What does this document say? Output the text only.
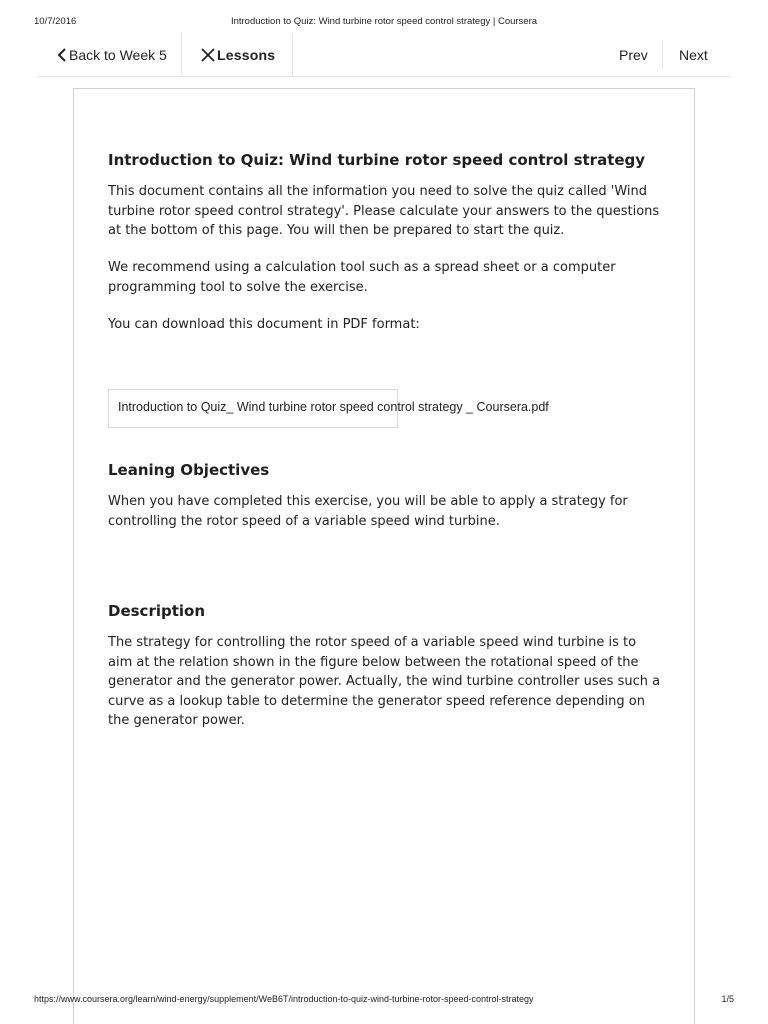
10/7/2016	Introduction to Quiz: Wind turbine rotor speed control strategy | Coursera
Back to Week 5	Lessons	Prev Next
Introduction to Quiz: Wind turbine rotor speed control strategy

This document contains all the information you need to solve the quiz called 'Wind turbine rotor speed control strategy'. Please calculate your answers to the questions at the bottom of this page. You will then be prepared to start the quiz.

We recommend using a calculation tool such as a spread sheet or a computer programming tool to solve the exercise.

You can download this document in PDF format:

Introduction to Quiz_ Wind turbine rotor speed control strategy _ Coursera.pdf
Leaning Objectives

When you have completed this exercise, you will be able to apply a strategy for controlling the rotor speed of a variable speed wind turbine.

Description

The strategy for controlling the rotor speed of a variable speed wind turbine is to aim at the relation shown in the figure below between the rotational speed of the generator and the generator power. Actually, the wind turbine controller uses such a curve as a lookup table to determine the generator speed reference depending on the generator power.

https://www.coursera.org/learn/wind-energy/supplement/WeB6T/introduction-to-quiz-wind-turbine-rotor-speed-control-strategy	1/5
